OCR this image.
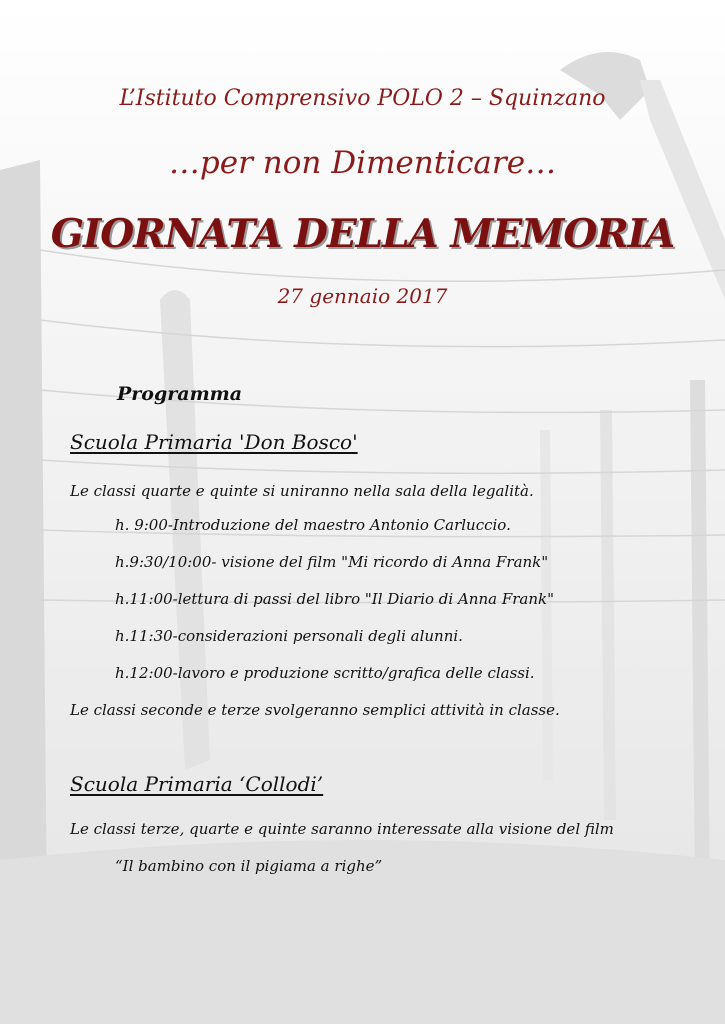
L’Istituto Comprensivo POLO 2 – Squinzano
…per non Dimenticare…
GIORNATA DELLA MEMORIA
27 gennaio 2017
Programma
Scuola Primaria 'Don Bosco'
Le classi quarte e quinte si uniranno nella sala della legalità.
h. 9:00-Introduzione del maestro Antonio Carluccio.
h.9:30/10:00- visione del film "Mi ricordo di Anna Frank"
h.11:00-lettura di passi del libro "Il Diario di Anna Frank"
h.11:30-considerazioni personali degli alunni.
h.12:00-lavoro e produzione scritto/grafica delle classi.
Le classi seconde e terze svolgeranno semplici attività in classe.
Scuola Primaria ‘Collodi’
Le classi terze, quarte e quinte saranno interessate alla visione del film
“Il bambino con il pigiama a righe”
